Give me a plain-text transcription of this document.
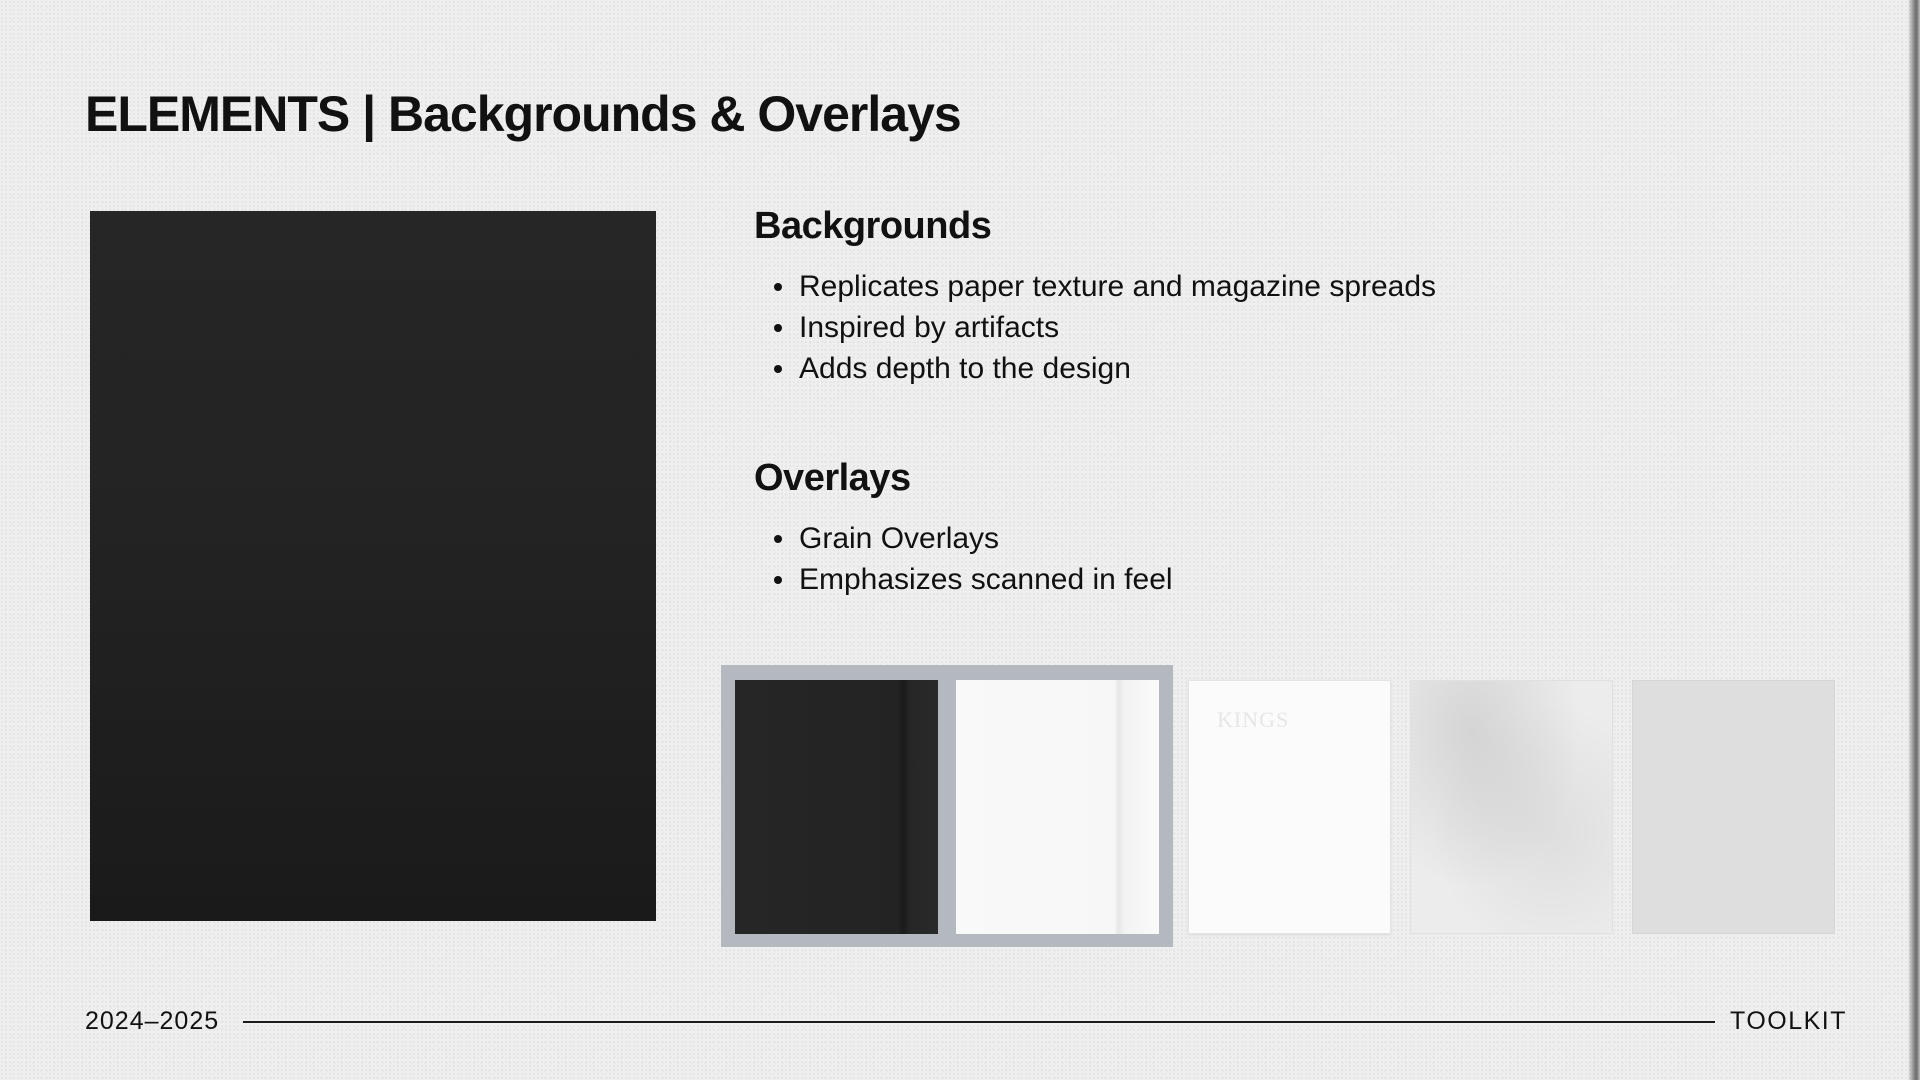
ELEMENTS | Backgrounds & Overlays
Backgrounds
Replicates paper texture and magazine spreads
Inspired by artifacts
Adds depth to the design
Overlays
Grain Overlays
Emphasizes scanned in feel
KINGS
2024–2025	TOOLKIT
